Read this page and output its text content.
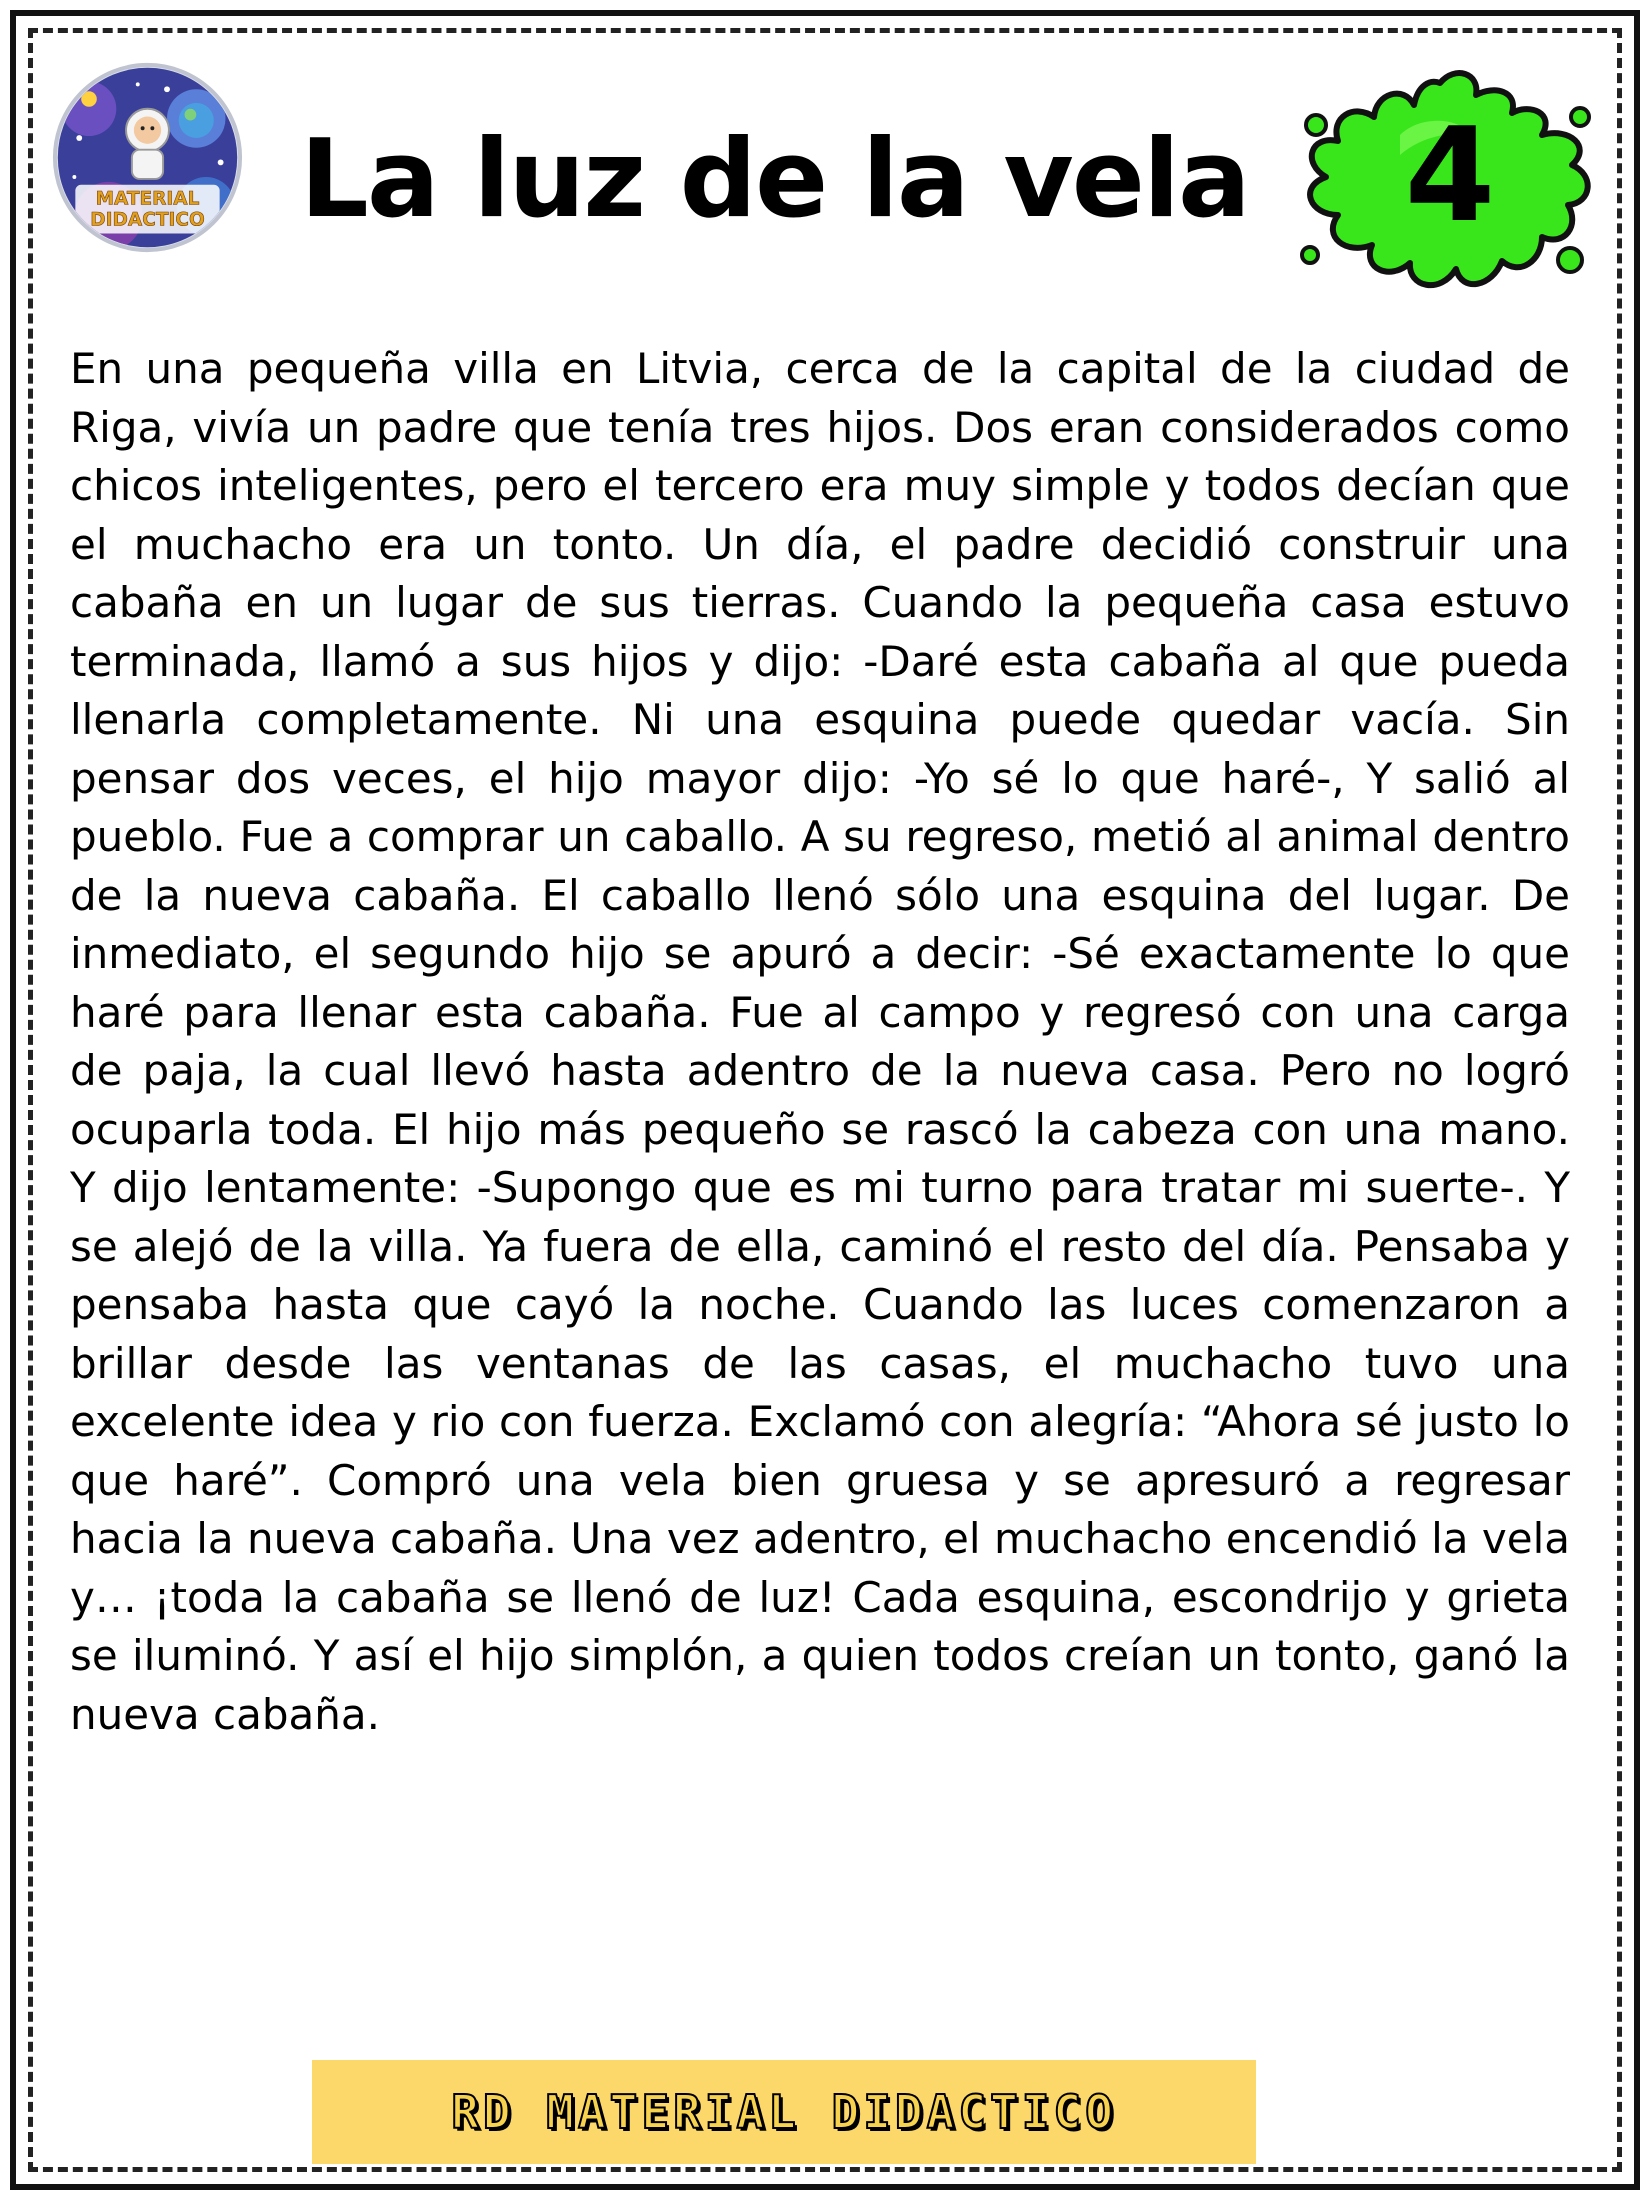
MATERIAL
DIDACTICO La luz de la vela 4

En una pequeña villa en Litvia, cerca de la capital de la ciudad de Riga, vivía un padre que tenía tres hijos. Dos eran considerados como chicos inteligentes, pero el tercero era muy simple y todos decían que el muchacho era un tonto. Un día, el padre decidió construir una cabaña en un lugar de sus tierras. Cuando la pequeña casa estuvo terminada, llamó a sus hijos y dijo: -Daré esta cabaña al que pueda llenarla completamente. Ni una esquina puede quedar vacía. Sin pensar dos veces, el hijo mayor dijo: -Yo sé lo que haré-, Y salió al pueblo. Fue a comprar un caballo. A su regreso, metió al animal dentro de la nueva cabaña. El caballo llenó sólo una esquina del lugar. De inmediato, el segundo hijo se apuró a decir: -Sé exactamente lo que haré para llenar esta cabaña. Fue al campo y regresó con una carga de paja, la cual llevó hasta adentro de la nueva casa. Pero no logró ocuparla toda. El hijo más pequeño se rascó la cabeza con una mano. Y dijo lentamente: -Supongo que es mi turno para tratar mi suerte-. Y se alejó de la villa. Ya fuera de ella, caminó el resto del día. Pensaba y pensaba hasta que cayó la noche. Cuando las luces comenzaron a brillar desde las ventanas de las casas, el muchacho tuvo una excelente idea y rio con fuerza. Exclamó con alegría: “Ahora sé justo lo que haré”. Compró una vela bien gruesa y se apresuró a regresar hacia la nueva cabaña. Una vez adentro, el muchacho encendió la vela y… ¡toda la cabaña se llenó de luz! Cada esquina, escondrijo y grieta se iluminó. Y así el hijo simplón, a quien todos creían un tonto, ganó la nueva cabaña.

RD MATERIAL DIDACTICO
